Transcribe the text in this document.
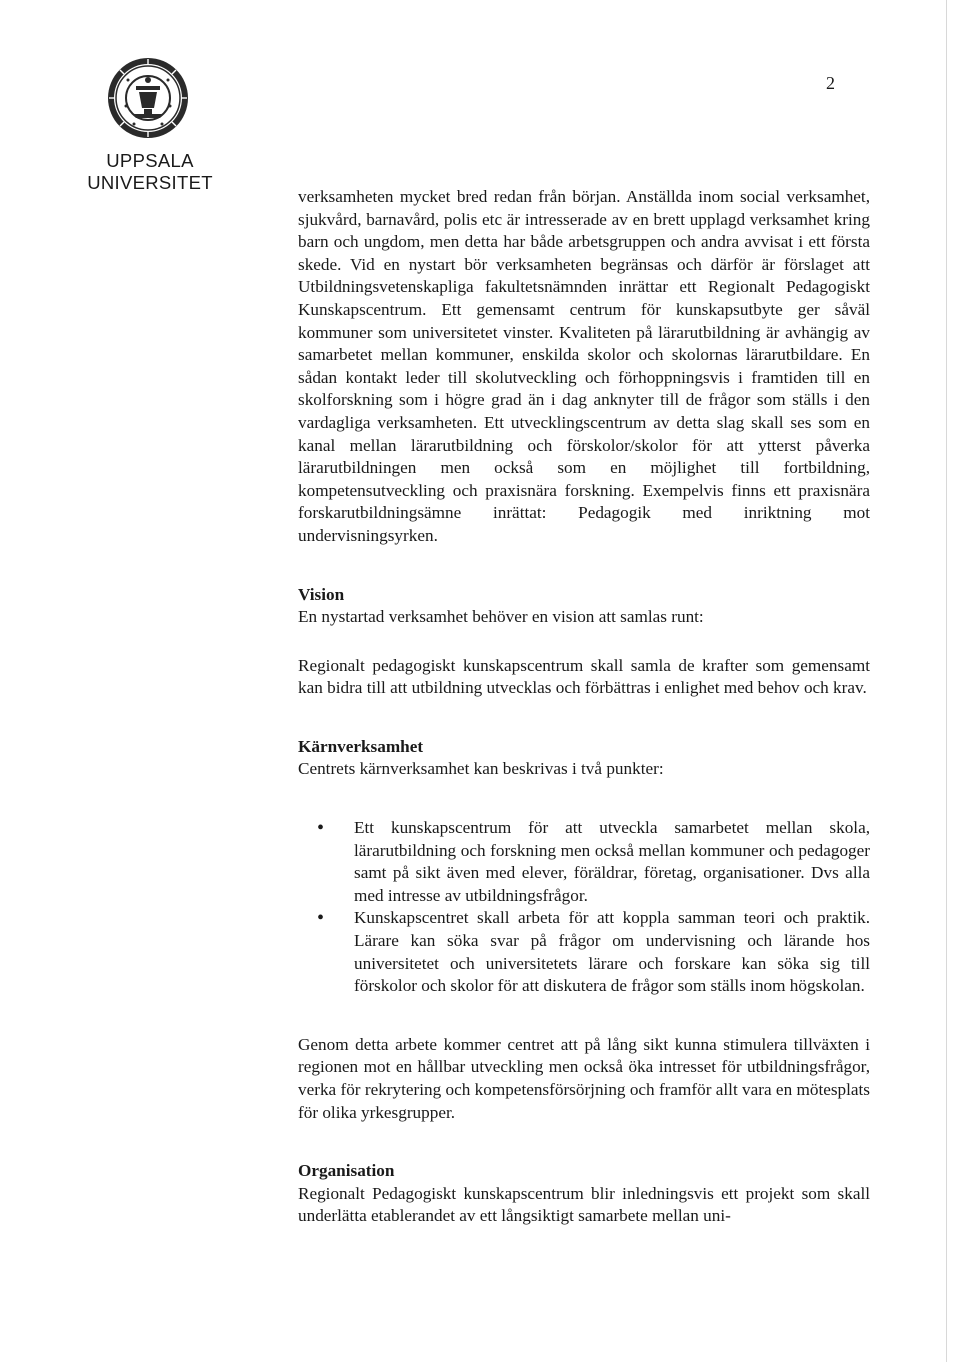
2
UPPSALA
UNIVERSITET

verksamheten mycket bred redan från början. Anställda inom social verksamhet, sjukvård, barnavård, polis etc är intresserade av en brett upplagd verksamhet kring barn och ungdom, men detta har både arbetsgruppen och andra avvisat i ett första skede. Vid en nystart bör verksamheten begränsas och därför är förslaget att Utbildningsvetenskapliga fakultetsnämnden inrättar ett Regionalt Pedagogiskt Kunskapscentrum. Ett gemensamt centrum för kunskapsutbyte ger såväl kommuner som universitetet vinster. Kvaliteten på lärarutbildning är avhängig av samarbetet mellan kommuner, enskilda skolor och skolornas lärarutbildare. En sådan kontakt leder till skolutveckling och förhoppningsvis i framtiden till en skolforskning som i högre grad än i dag anknyter till de frågor som ställs i den vardagliga verksamheten. Ett utvecklingscentrum av detta slag skall ses som en kanal mellan lärarutbildning och förskolor/skolor för att ytterst påverka lärarutbildningen men också som en möjlighet till fortbildning, kompetensutveckling och praxisnära forskning. Exempelvis finns ett praxisnära forskarutbildningsämne inrättat: Pedagogik med inriktning mot undervisningsyrken.

Vision

En nystartad verksamhet behöver en vision att samlas runt:

Regionalt pedagogiskt kunskapscentrum skall samla de krafter som gemensamt kan bidra till att utbildning utvecklas och förbättras i enlighet med behov och krav.

Kärnverksamhet

Centrets kärnverksamhet kan beskrivas i två punkter:

• Ett kunskapscentrum för att utveckla samarbetet mellan skola, lärarutbildning och forskning men också mellan kommuner och pedagoger samt på sikt även med elever, föräldrar, företag, organisationer. Dvs alla med intresse av utbildningsfrågor.
• Kunskapscentret skall arbeta för att koppla samman teori och praktik. Lärare kan söka svar på frågor om undervisning och lärande hos universitetet och universitetets lärare och forskare kan söka sig till förskolor och skolor för att diskutera de frågor som ställs inom högskolan.

Genom detta arbete kommer centret att på lång sikt kunna stimulera tillväxten i regionen mot en hållbar utveckling men också öka intresset för utbildningsfrågor, verka för rekrytering och kompetensförsörjning och framför allt vara en mötesplats för olika yrkesgrupper.

Organisation

Regionalt Pedagogiskt kunskapscentrum blir inledningsvis ett projekt som skall underlätta etablerandet av ett långsiktigt samarbete mellan uni-
